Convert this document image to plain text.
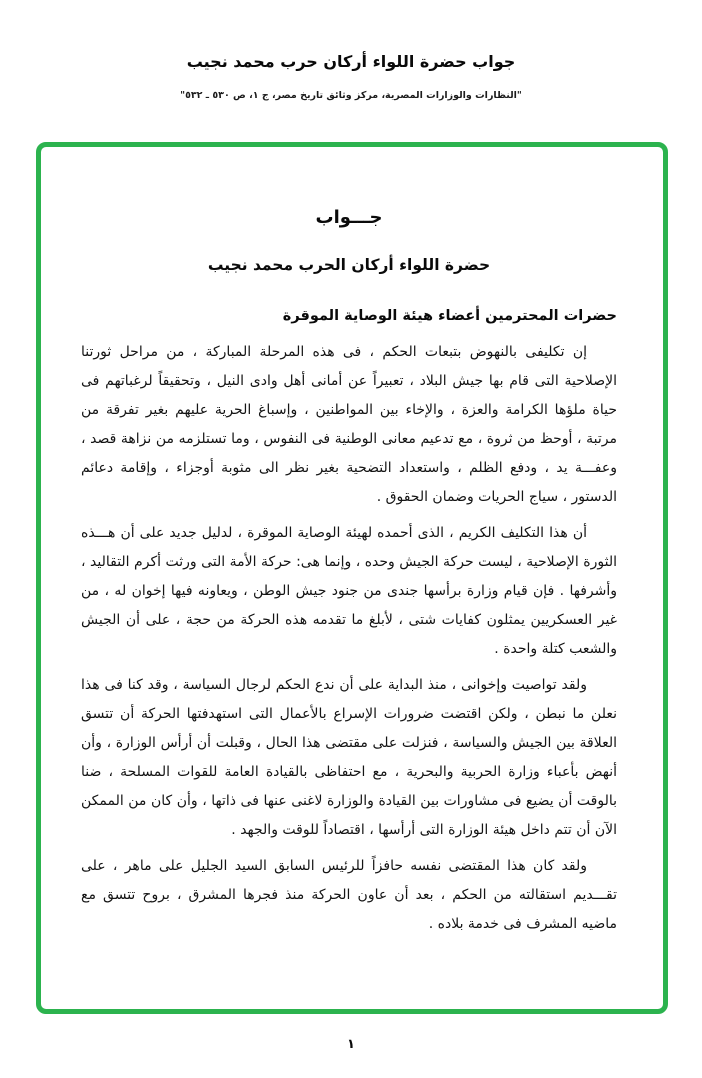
جواب حضرة اللواء أركان حرب محمد نجيب
"النظارات والوزارات المصرية، مركز وثائق تاريخ مصر، ج ١، ص ٥٣٠ ـ ٥٣٢"
جـــواب
حضرة اللواء أركان الحرب محمد نجيب
حضرات المحترمين أعضاء هيئة الوصاية الموقرة

إن تكليفى بالنهوض بتبعات الحكم ، فى هذه المرحلة المباركة ، من مراحل ثورتنا الإصلاحية التى قام بها جيش البلاد ، تعبيراً عن أمانى أهل وادى النيل ، وتحقيقاً لرغباتهم فى حياة ملؤها الكرامة والعزة ، والإخاء بين المواطنين ، وإسباغ الحرية عليهم بغير تفرقة من مرتبة ، أوحظ من ثروة ، مع تدعيم معانى الوطنية فى النفوس ، وما تستلزمه من نزاهة قصد ، وعفـــة يد ، ودفع الظلم ، واستعداد التضحية بغير نظر الى مثوبة أوجزاء ، وإقامة دعائم الدستور ، سياج الحريات وضمان الحقوق .

أن هذا التكليف الكريم ، الذى أحمده لهيئة الوصاية الموقرة ، لدليل جديد على أن هـــذه الثورة الإصلاحية ، ليست حركة الجيش وحده ، وإنما هى: حركة الأمة التى ورثت أكرم التقاليد ، وأشرفها . فإن قيام وزارة برأسها جندى من جنود جيش الوطن ، ويعاونه فيها إخوان له ، من غير العسكريين يمثلون كفايات شتى ، لأبلغ ما تقدمه هذه الحركة من حجة ، على أن الجيش والشعب كتلة واحدة .

ولقد تواصيت وإخوانى ، منذ البداية على أن ندع الحكم لرجال السياسة ، وقد كنا فى هذا نعلن ما نبطن ، ولكن اقتضت ضرورات الإسراع بالأعمال التى استهدفتها الحركة أن تتسق العلاقة بين الجيش والسياسة ، فنزلت على مقتضى هذا الحال ، وقبلت أن أرأس الوزارة ، وأن أنهض بأعباء وزارة الحربية والبحرية ، مع احتفاظى بالقيادة العامة للقوات المسلحة ، ضنا بالوقت أن يضيع فى مشاورات بين القيادة والوزارة لاغنى عنها فى ذاتها ، وأن كان من الممكن الآن أن تتم داخل هيئة الوزارة التى أرأسها ، اقتصاداً للوقت والجهد .

ولقد كان هذا المقتضى نفسه حافزاً للرئيس السابق السيد الجليل على ماهر ، على تقـــديم استقالته من الحكم ، بعد أن عاون الحركة منذ فجرها المشرق ، بروح تتسق مع ماضيه المشرف فى خدمة بلاده .

١
